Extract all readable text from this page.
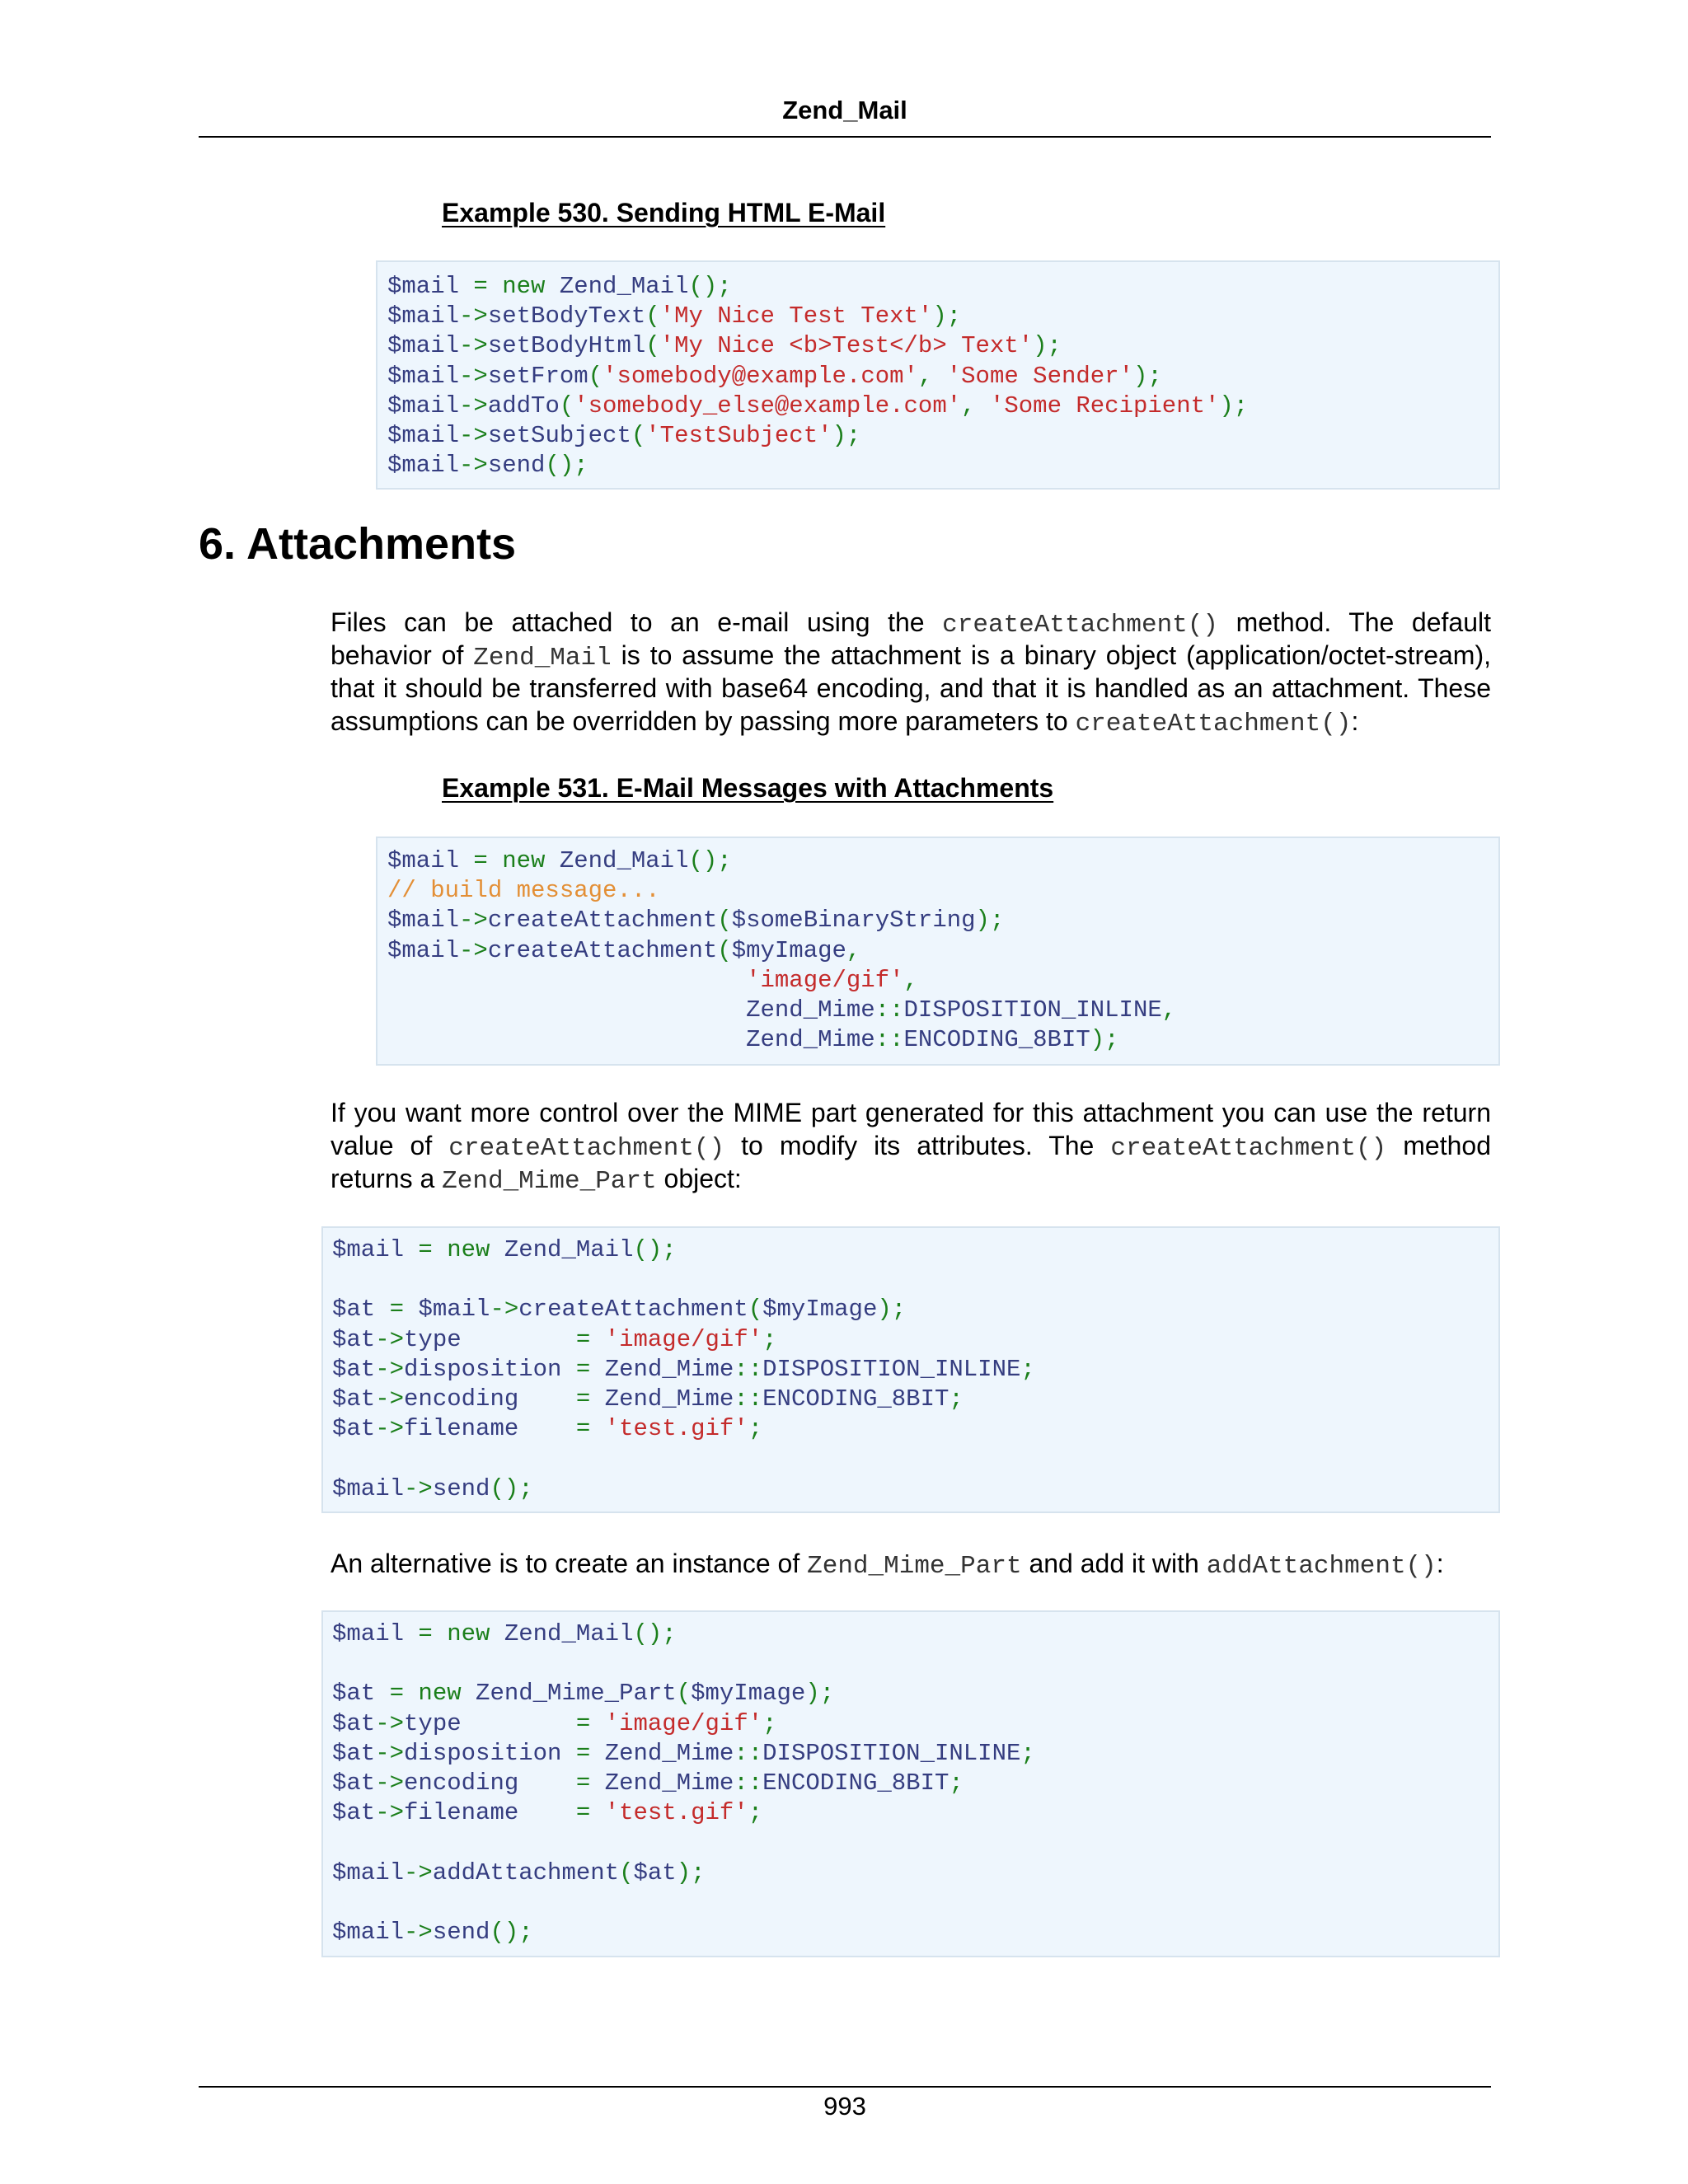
Zend_Mail
Example 530. Sending HTML E-Mail
$mail = new Zend_Mail();
$mail->setBodyText('My Nice Test Text');
$mail->setBodyHtml('My Nice <b>Test</b> Text');
$mail->setFrom('somebody@example.com', 'Some Sender');
$mail->addTo('somebody_else@example.com', 'Some Recipient');
$mail->setSubject('TestSubject');
$mail->send();
6. Attachments
Files can be attached to an e-mail using the createAttachment() method. The default
behavior of Zend_Mail is to assume the attachment is a binary object (application/octet-stream),
that it should be transferred with base64 encoding, and that it is handled as an attachment. These
assumptions can be overridden by passing more parameters to createAttachment():
Example 531. E-Mail Messages with Attachments
$mail = new Zend_Mail();
// build message...
$mail->createAttachment($someBinaryString);
$mail->createAttachment($myImage,
'image/gif',
Zend_Mime::DISPOSITION_INLINE,
Zend_Mime::ENCODING_8BIT);
If you want more control over the MIME part generated for this attachment you can use the return
value of createAttachment() to modify its attributes. The createAttachment() method
returns a Zend_Mime_Part object:
$mail = new Zend_Mail();
$at = $mail->createAttachment($myImage);
$at->type        = 'image/gif';
$at->disposition = Zend_Mime::DISPOSITION_INLINE;
$at->encoding    = Zend_Mime::ENCODING_8BIT;
$at->filename    = 'test.gif';
$mail->send();
An alternative is to create an instance of Zend_Mime_Part and add it with addAttachment():
$mail = new Zend_Mail();
$at = new Zend_Mime_Part($myImage);
$at->type        = 'image/gif';
$at->disposition = Zend_Mime::DISPOSITION_INLINE;
$at->encoding    = Zend_Mime::ENCODING_8BIT;
$at->filename    = 'test.gif';
$mail->addAttachment($at);
$mail->send();
993
